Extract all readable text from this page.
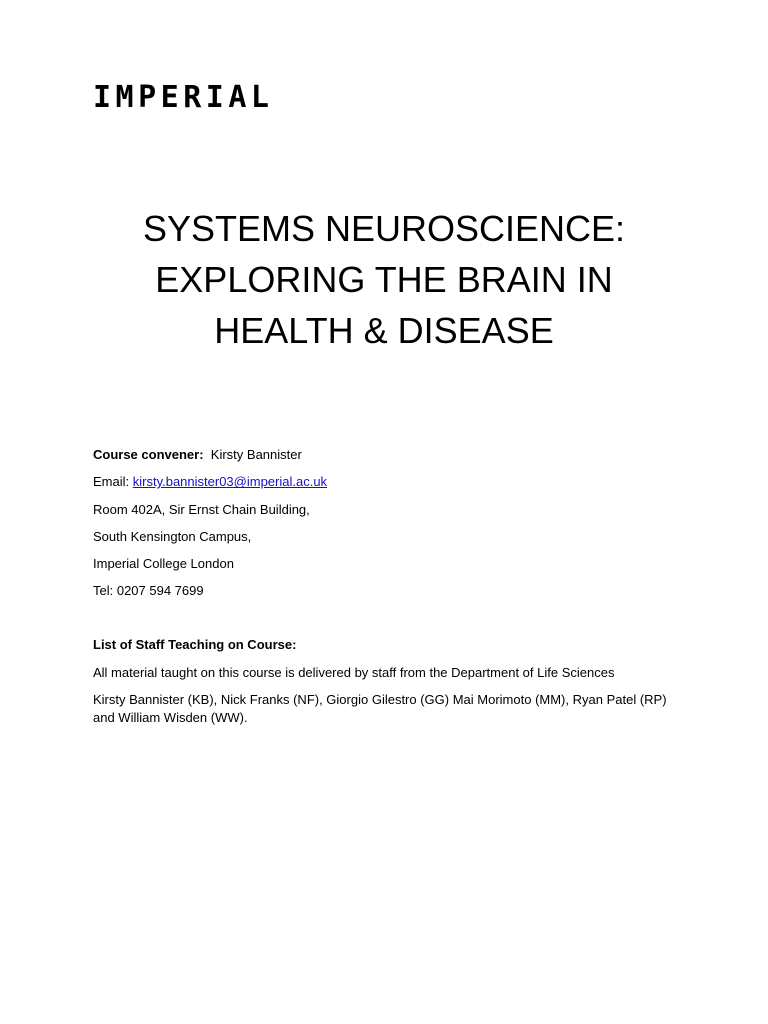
IMPERIAL
SYSTEMS NEUROSCIENCE:
EXPLORING THE BRAIN IN
HEALTH & DISEASE
Course convener: Kirsty Bannister
Email: kirsty.bannister03@imperial.ac.uk
Room 402A, Sir Ernst Chain Building,
South Kensington Campus,
Imperial College London
Tel: 0207 594 7699
List of Staff Teaching on Course:
All material taught on this course is delivered by staff from the Department of Life Sciences
Kirsty Bannister (KB), Nick Franks (NF), Giorgio Gilestro (GG) Mai Morimoto (MM), Ryan Patel (RP) and William Wisden (WW).
